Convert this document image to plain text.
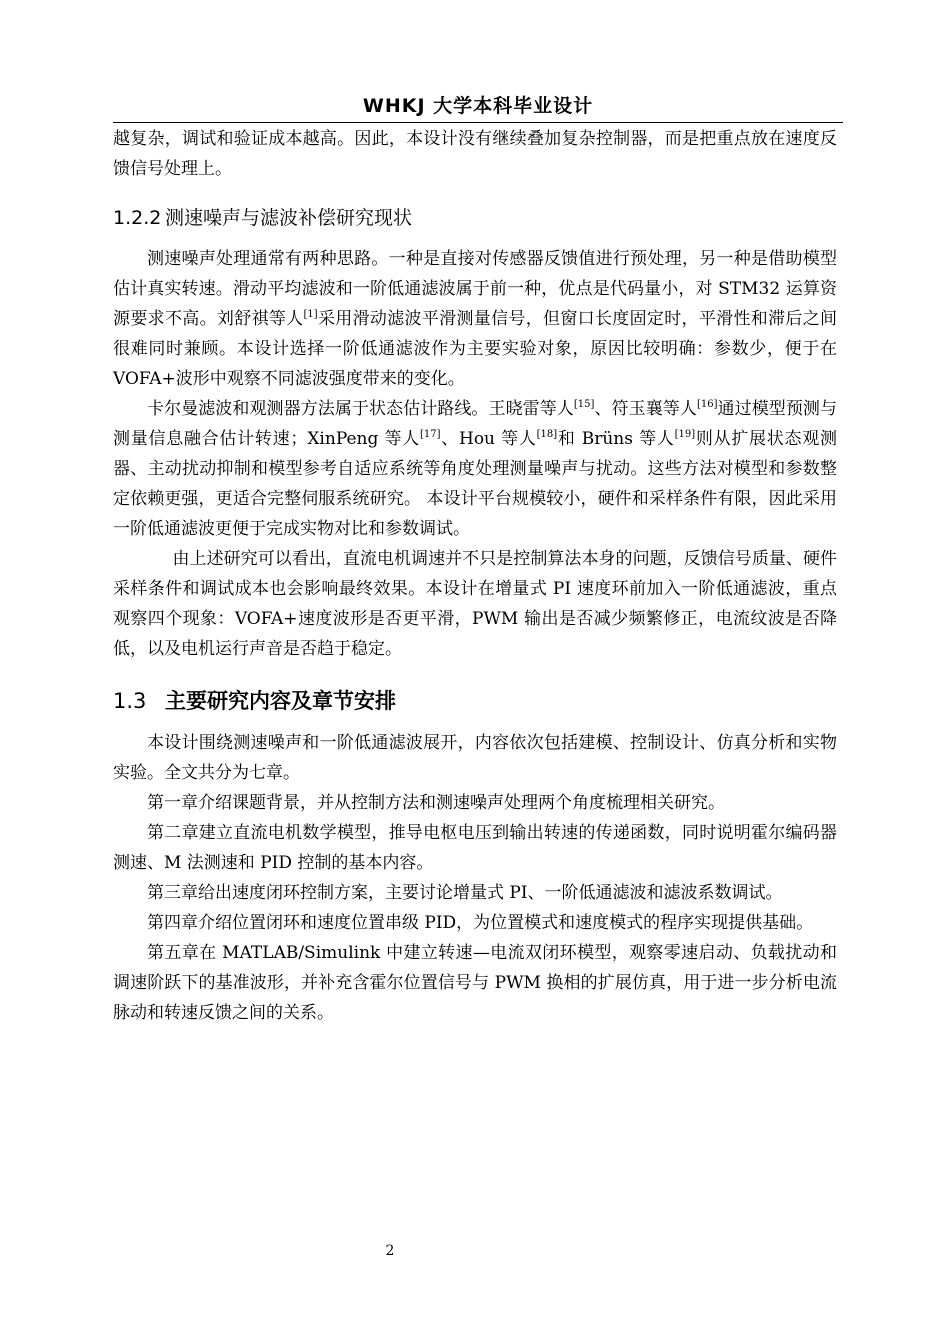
WHKJ 大学本科毕业设计

越复杂，调试和验证成本越高。因此，本设计没有继续叠加复杂控制器，而是把重点放在速度反馈信号处理上。

1.2.2 测速噪声与滤波补偿研究现状

测速噪声处理通常有两种思路。一种是直接对传感器反馈值进行预处理，另一种是借助模型估计真实转速。滑动平均滤波和一阶低通滤波属于前一种，优点是代码量小，对 STM32 运算资源要求不高。刘舒祺等人[1]采用滑动滤波平滑测量信号，但窗口长度固定时，平滑性和滞后之间很难同时兼顾。本设计选择一阶低通滤波作为主要实验对象，原因比较明确：参数少，便于在 VOFA+波形中观察不同滤波强度带来的变化。

卡尔曼滤波和观测器方法属于状态估计路线。王晓雷等人[15]、符玉襄等人[16]通过模型预测与测量信息融合估计转速；XinPeng 等人[17]、Hou 等人[18]和 Brüns 等人[19]则从扩展状态观测器、主动扰动抑制和模型参考自适应系统等角度处理测量噪声与扰动。这些方法对模型和参数整定依赖更强，更适合完整伺服系统研究。 本设计平台规模较小，硬件和采样条件有限，因此采用一阶低通滤波更便于完成实物对比和参数调试。

由上述研究可以看出，直流电机调速并不只是控制算法本身的问题，反馈信号质量、硬件采样条件和调试成本也会影响最终效果。本设计在增量式 PI 速度环前加入一阶低通滤波，重点观察四个现象：VOFA+速度波形是否更平滑，PWM 输出是否减少频繁修正，电流纹波是否降低，以及电机运行声音是否趋于稳定。

1.3 主要研究内容及章节安排

本设计围绕测速噪声和一阶低通滤波展开，内容依次包括建模、控制设计、仿真分析和实物实验。全文共分为七章。

第一章介绍课题背景，并从控制方法和测速噪声处理两个角度梳理相关研究。

第二章建立直流电机数学模型，推导电枢电压到输出转速的传递函数，同时说明霍尔编码器测速、M 法测速和 PID 控制的基本内容。

第三章给出速度闭环控制方案，主要讨论增量式 PI、一阶低通滤波和滤波系数调试。

第四章介绍位置闭环和速度位置串级 PID，为位置模式和速度模式的程序实现提供基础。

第五章在 MATLAB/Simulink 中建立转速—电流双闭环模型，观察零速启动、负载扰动和调速阶跃下的基准波形，并补充含霍尔位置信号与 PWM 换相的扩展仿真，用于进一步分析电流脉动和转速反馈之间的关系。

2
